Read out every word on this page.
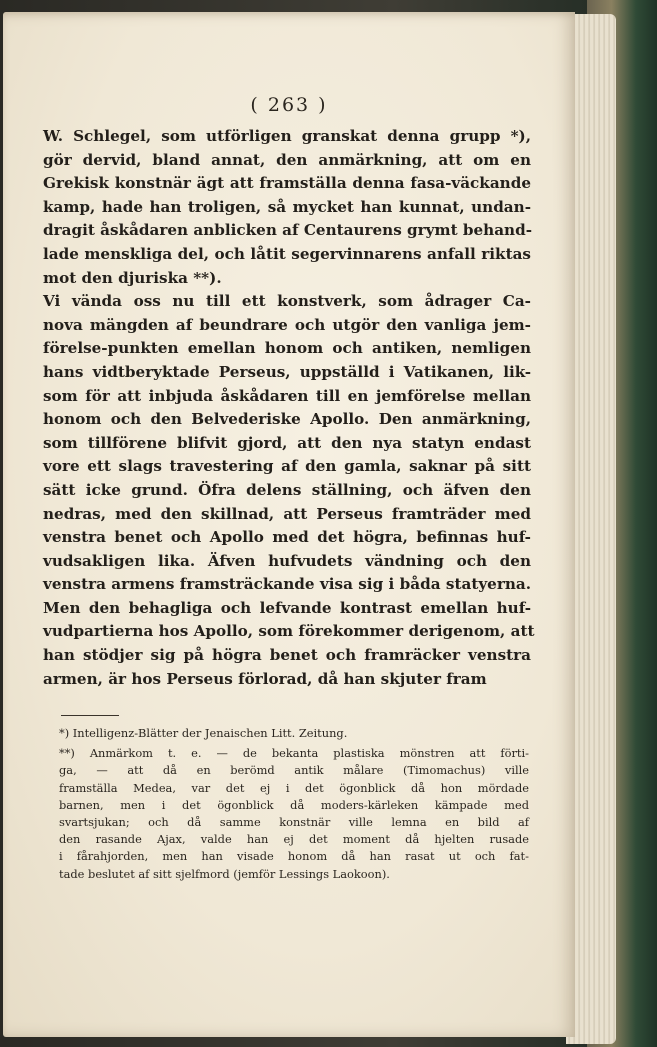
( 263 )
W. Schlegel, som utförligen granskat denna grupp *),
gör dervid, bland annat, den anmärkning, att om en
Grekisk konstnär ägt att framställa denna fasa-väckande
kamp, hade han troligen, så mycket han kunnat, undan-
dragit åskådaren anblicken af Centaurens grymt behand-
lade menskliga del, och låtit segervinnarens anfall riktas
mot den djuriska **).
Vi vända oss nu till ett konstverk, som ådrager Ca-
nova mängden af beundrare och utgör den vanliga jem-
förelse-punkten emellan honom och antiken, nemligen
hans vidtberyktade Perseus, uppställd i Vatikanen, lik-
som för att inbjuda åskådaren till en jemförelse mellan
honom och den Belvederiske Apollo. Den anmärkning,
som tillförene blifvit gjord, att den nya statyn endast
vore ett slags travestering af den gamla, saknar på sitt
sätt icke grund. Öfra delens ställning, och äfven den
nedras, med den skillnad, att Perseus framträder med
venstra benet och Apollo med det högra, befinnas huf-
vudsakligen lika. Äfven hufvudets vändning och den
venstra armens framsträckande visa sig i båda statyerna.
Men den behagliga och lefvande kontrast emellan huf-
vudpartierna hos Apollo, som förekommer derigenom, att
han stödjer sig på högra benet och framräcker venstra
armen, är hos Perseus förlorad, då han skjuter fram
*) Intelligenz-Blätter der Jenaischen Litt. Zeitung.
**) Anmärkom t. e. — de bekanta plastiska mönstren att förti-
ga, — att då en berömd antik målare (Timomachus) ville
framställa Medea, var det ej i det ögonblick då hon mördade
barnen, men i det ögonblick då moders-kärleken kämpade med
svartsjukan; och då samme konstnär ville lemna en bild af
den rasande Ajax, valde han ej det moment då hjelten rusade
i fårahjorden, men han visade honom då han rasat ut och fat-
tade beslutet af sitt sjelfmord (jemför Lessings Laokoon).
